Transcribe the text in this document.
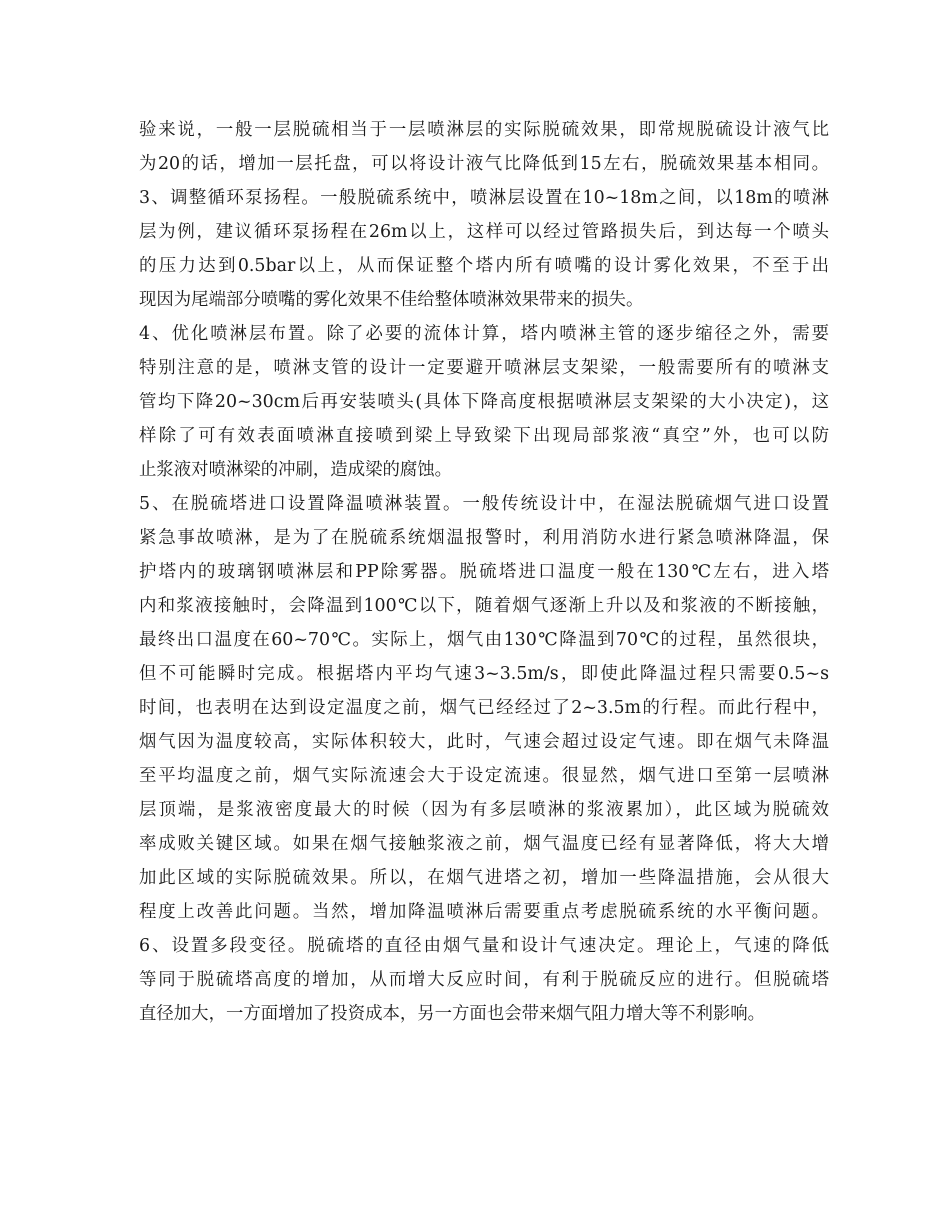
验来说，一般一层脱硫相当于一层喷淋层的实际脱硫效果，即常规脱硫设计液气比
为20的话，增加一层托盘，可以将设计液气比降低到15左右，脱硫效果基本相同。
3、调整循环泵扬程。一般脱硫系统中，喷淋层设置在10~18m之间，以18m的喷淋
层为例，建议循环泵扬程在26m以上，这样可以经过管路损失后，到达每一个喷头
的压力达到0.5bar以上，从而保证整个塔内所有喷嘴的设计雾化效果，不至于出
现因为尾端部分喷嘴的雾化效果不佳给整体喷淋效果带来的损失。
4、优化喷淋层布置。除了必要的流体计算，塔内喷淋主管的逐步缩径之外，需要
特别注意的是，喷淋支管的设计一定要避开喷淋层支架梁，一般需要所有的喷淋支
管均下降20~30cm后再安装喷头(具体下降高度根据喷淋层支架梁的大小决定)，这
样除了可有效表面喷淋直接喷到梁上导致梁下出现局部浆液“真空”外，也可以防
止浆液对喷淋梁的冲刷，造成梁的腐蚀。
5、在脱硫塔进口设置降温喷淋装置。一般传统设计中，在湿法脱硫烟气进口设置
紧急事故喷淋，是为了在脱硫系统烟温报警时，利用消防水进行紧急喷淋降温，保
护塔内的玻璃钢喷淋层和PP除雾器。脱硫塔进口温度一般在130℃左右，进入塔
内和浆液接触时，会降温到100℃以下，随着烟气逐渐上升以及和浆液的不断接触，
最终出口温度在60~70℃。实际上，烟气由130℃降温到70℃的过程，虽然很块，
但不可能瞬时完成。根据塔内平均气速3~3.5m/s，即使此降温过程只需要0.5~s
时间，也表明在达到设定温度之前，烟气已经经过了2~3.5m的行程。而此行程中，
烟气因为温度较高，实际体积较大，此时，气速会超过设定气速。即在烟气未降温
至平均温度之前，烟气实际流速会大于设定流速。很显然，烟气进口至第一层喷淋
层顶端，是浆液密度最大的时候（因为有多层喷淋的浆液累加），此区域为脱硫效
率成败关键区域。如果在烟气接触浆液之前，烟气温度已经有显著降低，将大大增
加此区域的实际脱硫效果。所以，在烟气进塔之初，增加一些降温措施，会从很大
程度上改善此问题。当然，增加降温喷淋后需要重点考虑脱硫系统的水平衡问题。
6、设置多段变径。脱硫塔的直径由烟气量和设计气速决定。理论上，气速的降低
等同于脱硫塔高度的增加，从而增大反应时间，有利于脱硫反应的进行。但脱硫塔
直径加大，一方面增加了投资成本，另一方面也会带来烟气阻力增大等不利影响。
